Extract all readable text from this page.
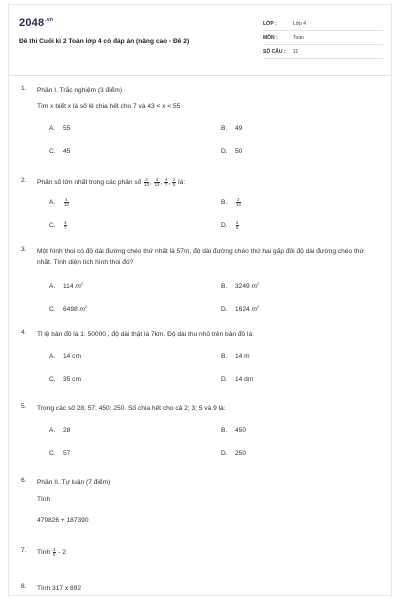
$2048^{.vn}$
Đề thi Cuối kì 2 Toán lớp 4 có đáp án (nâng cao - Đề 2)
LỚP :	Lớp 4
MÔN :	Toán
SỐ CÂU : 11
1. Phần I. Trắc nghiệm (3 điểm)
Tìm x biết x là số lẻ chia hết cho 7 và 43 < x < 55
A. 55	B. 49
C. 45	D. 50
2. Phân số lớn nhất trong các phân số $\frac{3}{13}$ , $\frac{4}{13}$ , $\frac{4}{7}$ , $\frac{2}{5}$ là:
A. $\frac{4}{13}$	B. $\frac{3}{13}$
C. $\frac{4}{7}$	D. $\frac{2}{5}$
3. Một hình thoi có độ dài đường chéo thứ nhất là 57m, độ dài đường chéo thứ hai gấp đôi độ dài đường chéo thứ nhất. Tính diện tích hình thoi đó?
A. 114 $m^2$	B. 3249 $m^2$
C. 6498 $m^2$	D. 1624 $m^2$
4. Tỉ lệ bản đồ là 1: 50000 , độ dài thật là 7km. Độ dài thu nhỏ trên bản đồ là:
A. 14 cm	B. 14 m
C. 35 cm	D. 14 dm
5. Trong các số 28; 57; 450; 250. Số chia hết cho cả 2; 3; 5 và 9 là:
A. 28	B. 450
C. 57	D. 250
6. Phần II. Tự luận (7 điểm)
Tính
479826 + 187390
7. Tính $\frac{3}{5} - 2$
8. Tính 317 x 892
